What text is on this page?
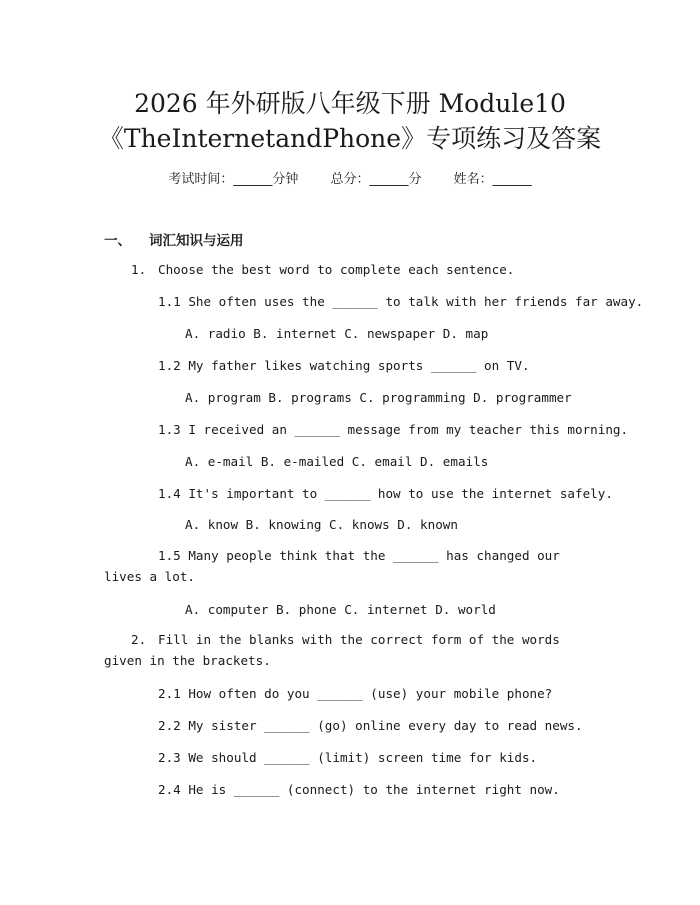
2026 年外研版八年级下册 Module10
《TheInternetandPhone》专项练习及答案
考试时间：______分钟 总分：______分 姓名：______
一、 词汇知识与运用
1. Choose the best word to complete each sentence.
1.1 She often uses the ______ to talk with her friends far away.
A. radio B. internet C. newspaper D. map
1.2 My father likes watching sports ______ on TV.
A. program B. programs C. programming D. programmer
1.3 I received an ______ message from my teacher this morning.
A. e-mail B. e-mailed C. email D. emails
1.4 It's important to ______ how to use the internet safely.
A. know B. knowing C. knows D. known
1.5 Many people think that the ______ has changed our lives a lot.
A. computer B. phone C. internet D. world
2. Fill in the blanks with the correct form of the words given in the brackets.
2.1 How often do you ______ (use) your mobile phone?
2.2 My sister ______ (go) online every day to read news.
2.3 We should ______ (limit) screen time for kids.
2.4 He is ______ (connect) to the internet right now.
